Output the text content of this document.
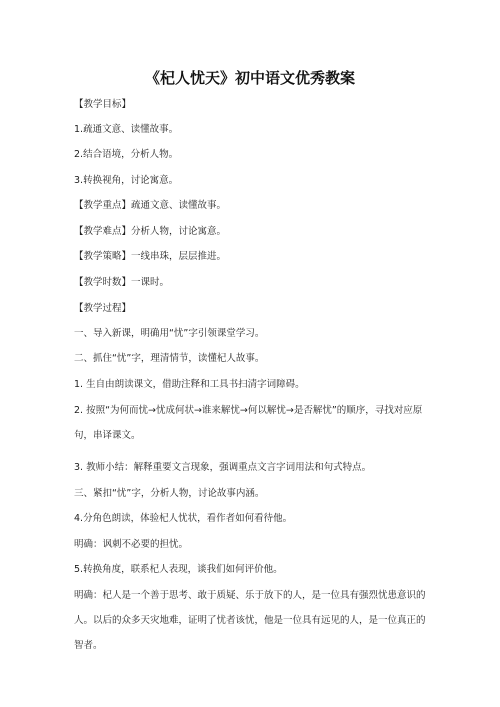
《杞人忧天》初中语文优秀教案
【教学目标】
1.疏通文意、读懂故事。
2.结合语境，分析人物。
3.转换视角，讨论寓意。
【教学重点】疏通文意、读懂故事。
【教学难点】分析人物，讨论寓意。
【教学策略】一线串珠，层层推进。
【教学时数】一课时。
【教学过程】
一、导入新课，明确用“忧”字引领课堂学习。
二、抓住“忧”字，理清情节，读懂杞人故事。
1. 生自由朗读课文，借助注释和工具书扫清字词障碍。
2. 按照“为何而忧→忧成何状→谁来解忧→何以解忧→是否解忧”的顺序，寻找对应原句，串译课文。
3. 教师小结：解释重要文言现象，强调重点文言字词用法和句式特点。
三、紧扣“忧”字，分析人物，讨论故事内涵。
4.分角色朗读，体验杞人忧状，看作者如何看待他。
明确：讽刺不必要的担忧。
5.转换角度，联系杞人表现，谈我们如何评价他。
明确：杞人是一个善于思考、敢于质疑、乐于放下的人，是一位具有强烈忧患意识的人。以后的众多天灾地难，证明了忧者该忧，他是一位具有远见的人，是一位真正的智者。
